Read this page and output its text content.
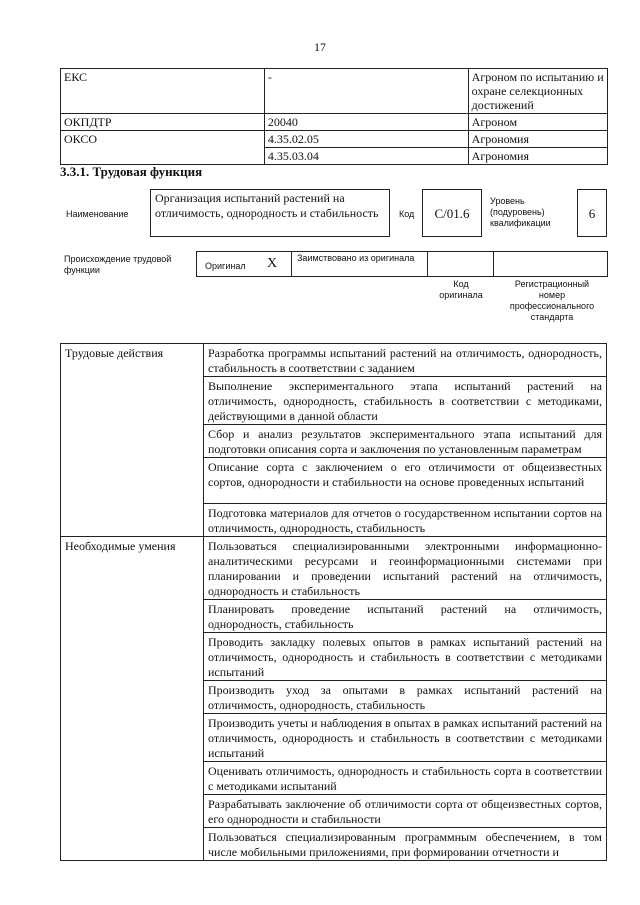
17
ЕКС	-	Агроном по испытанию и охране селекционных достижений
ОКПДТР	20040	Агроном
ОКСО	4.35.02.05	Агрономия
	4.35.03.04	Агрономия
3.3.1. Трудовая функция
Наименование
Организация испытаний растений на отличимость, однородность и стабильность	Код	С/01.6
Уровень (подуровень) квалификации
6
Происхождение трудовой функции	Оригинал X Заимствовано из оригинала
Код оригинала
Регистрационный номер профессионального стандарта
Трудовые действия	Разработка программы испытаний растений на отличимость, однородность, стабильность в соответствии с заданием
	Выполнение экспериментального этапа испытаний растений на отличимость, однородность, стабильность в соответствии с методиками, действующими в данной области
	Сбор и анализ результатов экспериментального этапа испытаний для подготовки описания сорта и заключения по установленным параметрам
	Описание сорта с заключением о его отличимости от общеизвестных сортов, однородности и стабильности на основе проведенных испытаний
	Подготовка материалов для отчетов о государственном испытании сортов на отличимость, однородность, стабильность
Необходимые умения	Пользоваться специализированными электронными информационно-аналитическими ресурсами и геоинформационными системами при планировании и проведении испытаний растений на отличимость, однородность и стабильность
	Планировать проведение испытаний растений на отличимость, однородность, стабильность
	Проводить закладку полевых опытов в рамках испытаний растений на отличимость, однородность и стабильность в соответствии с методиками испытаний
	Производить уход за опытами в рамках испытаний растений на отличимость, однородность, стабильность
	Производить учеты и наблюдения в опытах в рамках испытаний растений на отличимость, однородность и стабильность в соответствии с методиками испытаний
	Оценивать отличимость, однородность и стабильность сорта в соответствии с методиками испытаний
	Разрабатывать заключение об отличимости сорта от общеизвестных сортов, его однородности и стабильности
	Пользоваться специализированным программным обеспечением, в том числе мобильными приложениями, при формировании отчетности и
